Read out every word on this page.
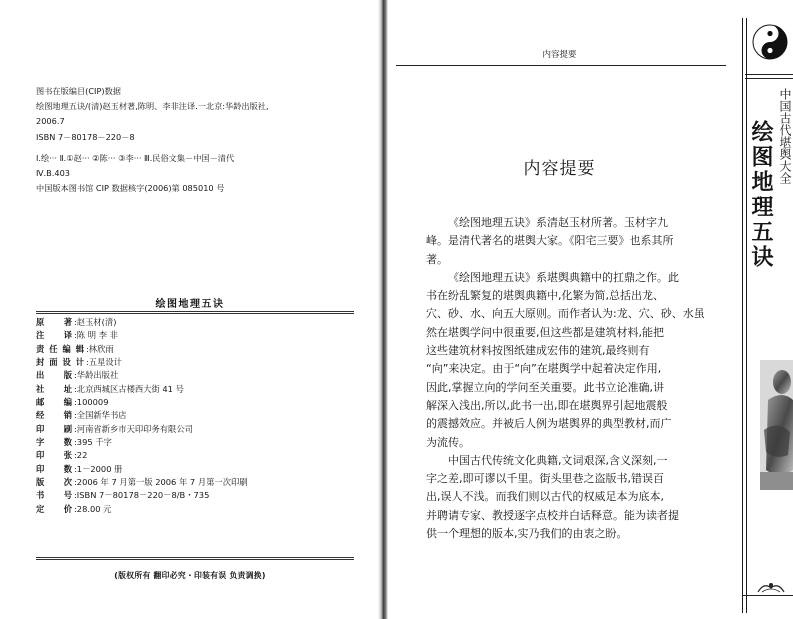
图书在版编目(CIP)数据
绘图地理五诀/(清)赵玉材著,陈明、李非注译.一北京:华龄出版社,
2006.7
ISBN 7－80178－220－8
Ⅰ.绘··· Ⅱ.①赵··· ②陈··· ③李··· Ⅲ.民俗文集－中国－清代
Ⅳ.B.403
中国版本图书馆 CIP 数据核字(2006)第 085010 号
绘图地理五诀
原 著 :赵玉材(清)
注 译 :陈 明 李 非
责任编辑 :林欣雨
封面设计 :五星设计
出 版 :华龄出版社
社 址 :北京西城区古楼西大街 41 号
邮 编 :100009
经 销 :全国新华书店
印 刷 :河南省新乡市天印印务有限公司
字 数 :395 千字
印 张 :22
印 数 :1－2000 册
版 次 :2006 年 7 月第一版 2006 年 7 月第一次印刷
书 号 :ISBN 7－80178－220－8/B・735
定 价 :28.00 元
(版权所有 翻印必究・印装有误 负责调换)
内容提要
内容提要
《绘图地理五诀》系清赵玉材所著。玉材字九
峰。是清代著名的堪舆大家。《阳宅三要》也系其所
著。
《绘图地理五诀》系堪舆典籍中的扛鼎之作。此
书在纷乱繁复的堪舆典籍中,化繁为简,总括出龙、
穴、砂、水、向五大原则。而作者认为:龙、穴、砂、水虽
然在堪舆学问中很重要,但这些都是建筑材料,能把
这些建筑材料按图纸建成宏伟的建筑,最终则有
“向”来决定。由于“向”在堪舆学中起着决定作用,
因此,掌握立向的学问至关重要。此书立论准确,讲
解深入浅出,所以,此书一出,即在堪舆界引起地震般
的震撼效应。并被后人例为堪舆界的典型教材,而广
为流传。
中国古代传统文化典籍,文词艰深,含义深刻,一
字之差,即可谬以千里。街头里巷之盗版书,错误百
出,误人不浅。而我们则以古代的权威足本为底本,
并聘请专家、教授逐字点校并白话释意。能为读者提
供一个理想的版本,实乃我们的由衷之盼。
中国古代堪舆大全
绘图地理五诀
